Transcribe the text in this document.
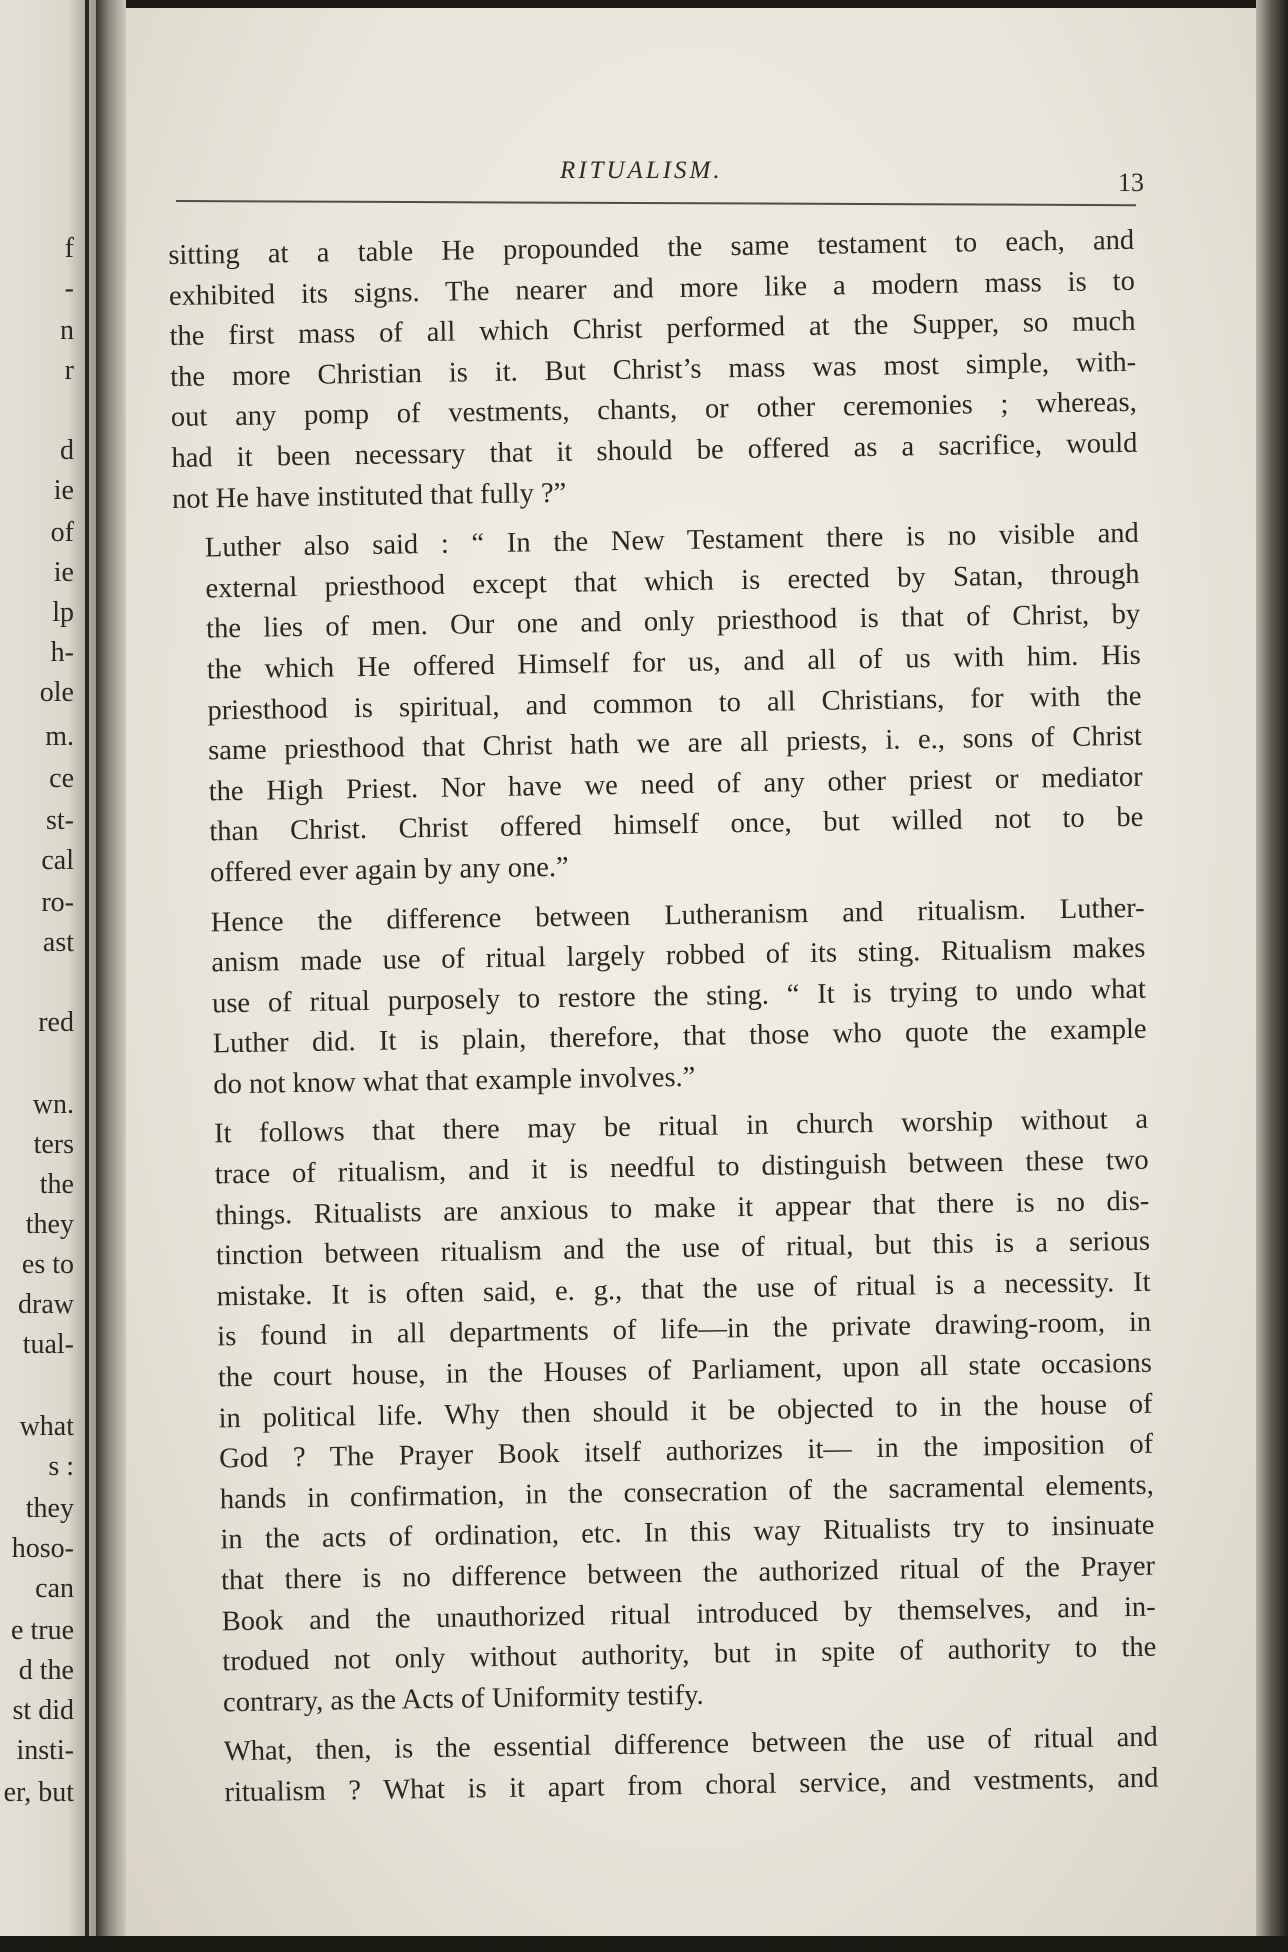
f
-
n
r
d
ie
of
ie
lp
h-
ole
m.
ce
st-
cal
ro-
ast
red
wn.
ters
the
they
es to
draw
tual-
what
s :
they
hoso-
can
e true
d the
st did
insti-
er, but
RITUALISM.	13
sitting at a table He propounded the same testament to each, and
exhibited its signs. The nearer and more like a modern mass is to
the first mass of all which Christ performed at the Supper, so much
the more Christian is it. But Christ’s mass was most simple, with-
out any pomp of vestments, chants, or other ceremonies ; whereas,
had it been necessary that it should be offered as a sacrifice, would
not He have instituted that fully ?”
Luther also said : “ In the New Testament there is no visible and
external priesthood except that which is erected by Satan, through
the lies of men. Our one and only priesthood is that of Christ, by
the which He offered Himself for us, and all of us with him. His
priesthood is spiritual, and common to all Christians, for with the
same priesthood that Christ hath we are all priests, i. e., sons of Christ
the High Priest. Nor have we need of any other priest or mediator
than Christ. Christ offered himself once, but willed not to be
offered ever again by any one.”
Hence the difference between Lutheranism and ritualism. Luther-
anism made use of ritual largely robbed of its sting. Ritualism makes
use of ritual purposely to restore the sting. “ It is trying to undo what
Luther did. It is plain, therefore, that those who quote the example
do not know what that example involves.”
It follows that there may be ritual in church worship without a
trace of ritualism, and it is needful to distinguish between these two
things. Ritualists are anxious to make it appear that there is no dis-
tinction between ritualism and the use of ritual, but this is a serious
mistake. It is often said, e. g., that the use of ritual is a necessity. It
is found in all departments of life—in the private drawing-room, in
the court house, in the Houses of Parliament, upon all state occasions
in political life. Why then should it be objected to in the house of
God ? The Prayer Book itself authorizes it— in the imposition of
hands in confirmation, in the consecration of the sacramental elements,
in the acts of ordination, etc. In this way Ritualists try to insinuate
that there is no difference between the authorized ritual of the Prayer
Book and the unauthorized ritual introduced by themselves, and in-
trodued not only without authority, but in spite of authority to the
contrary, as the Acts of Uniformity testify.
What, then, is the essential difference between the use of ritual and
ritualism ? What is it apart from choral service, and vestments, and
